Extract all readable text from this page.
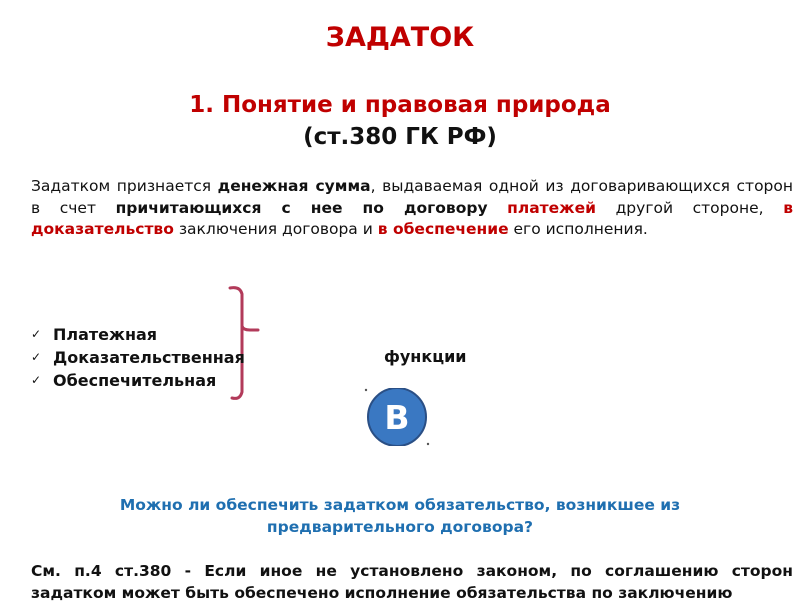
ЗАДАТОК
1. Понятие и правовая природа
(ст.380 ГК РФ)

Задатком признается денежная сумма, выдаваемая одной из договаривающихся сторон в счет причитающихся с нее по договору платежей другой стороне, в доказательство заключения договора и в обеспечение его исполнения.

✓Платежная
✓Доказательственная
✓Обеспечительная
функции
В

Можно ли обеспечить задатком обязательство, возникшее из предварительного договора?

См. п.4 ст.380 - Если иное не установлено законом, по соглашению сторон задатком может быть обеспечено исполнение обязательства по заключению
